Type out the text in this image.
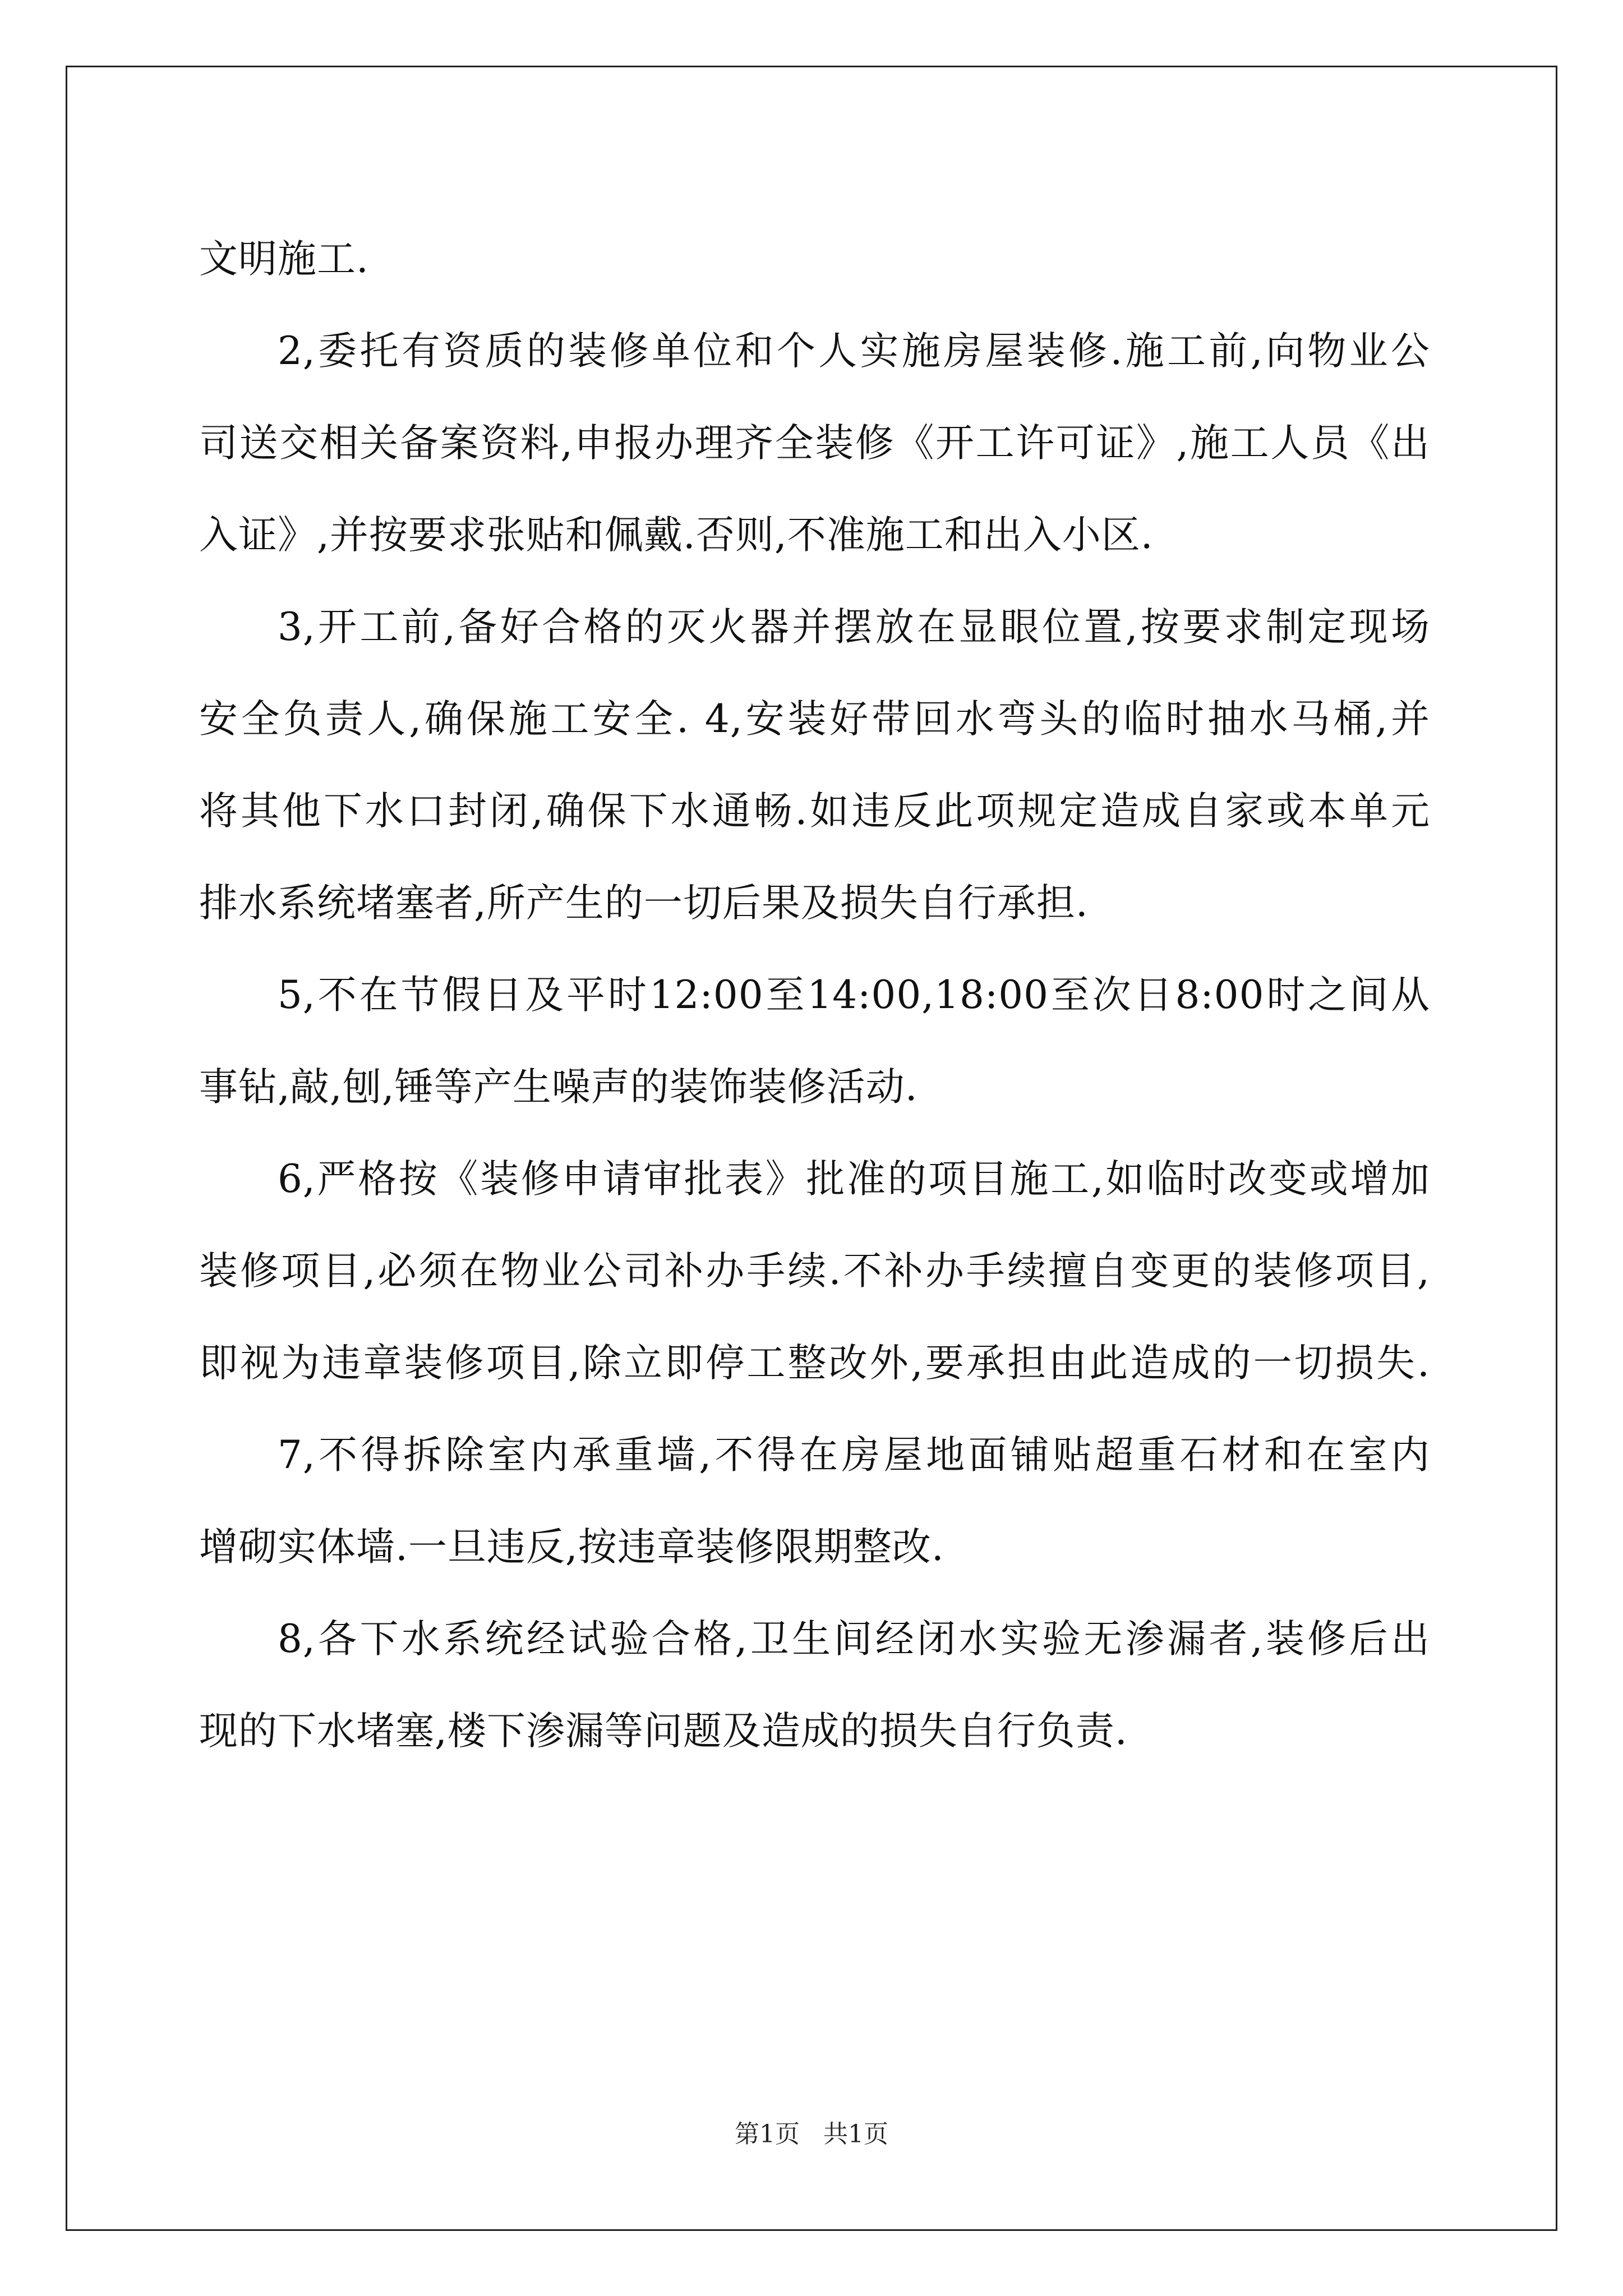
文明施工.
2,委托有资质的装修单位和个人实施房屋装修.施工前,向物业公
司送交相关备案资料,申报办理齐全装修《开工许可证》,施工人员《出
入证》,并按要求张贴和佩戴.否则,不准施工和出入小区.
3,开工前,备好合格的灭火器并摆放在显眼位置,按要求制定现场
安全负责人,确保施工安全. 4,安装好带回水弯头的临时抽水马桶,并
将其他下水口封闭,确保下水通畅.如违反此项规定造成自家或本单元
排水系统堵塞者,所产生的一切后果及损失自行承担.
5,不在节假日及平时12:00至14:00,18:00至次日8:00时之间从
事钻,敲,刨,锤等产生噪声的装饰装修活动.
6,严格按《装修申请审批表》批准的项目施工,如临时改变或增加
装修项目,必须在物业公司补办手续.不补办手续擅自变更的装修项目,
即视为违章装修项目,除立即停工整改外,要承担由此造成的一切损失.
7,不得拆除室内承重墙,不得在房屋地面铺贴超重石材和在室内
增砌实体墙.一旦违反,按违章装修限期整改.
8,各下水系统经试验合格,卫生间经闭水实验无渗漏者,装修后出
现的下水堵塞,楼下渗漏等问题及造成的损失自行负责.
第1页   共1页
